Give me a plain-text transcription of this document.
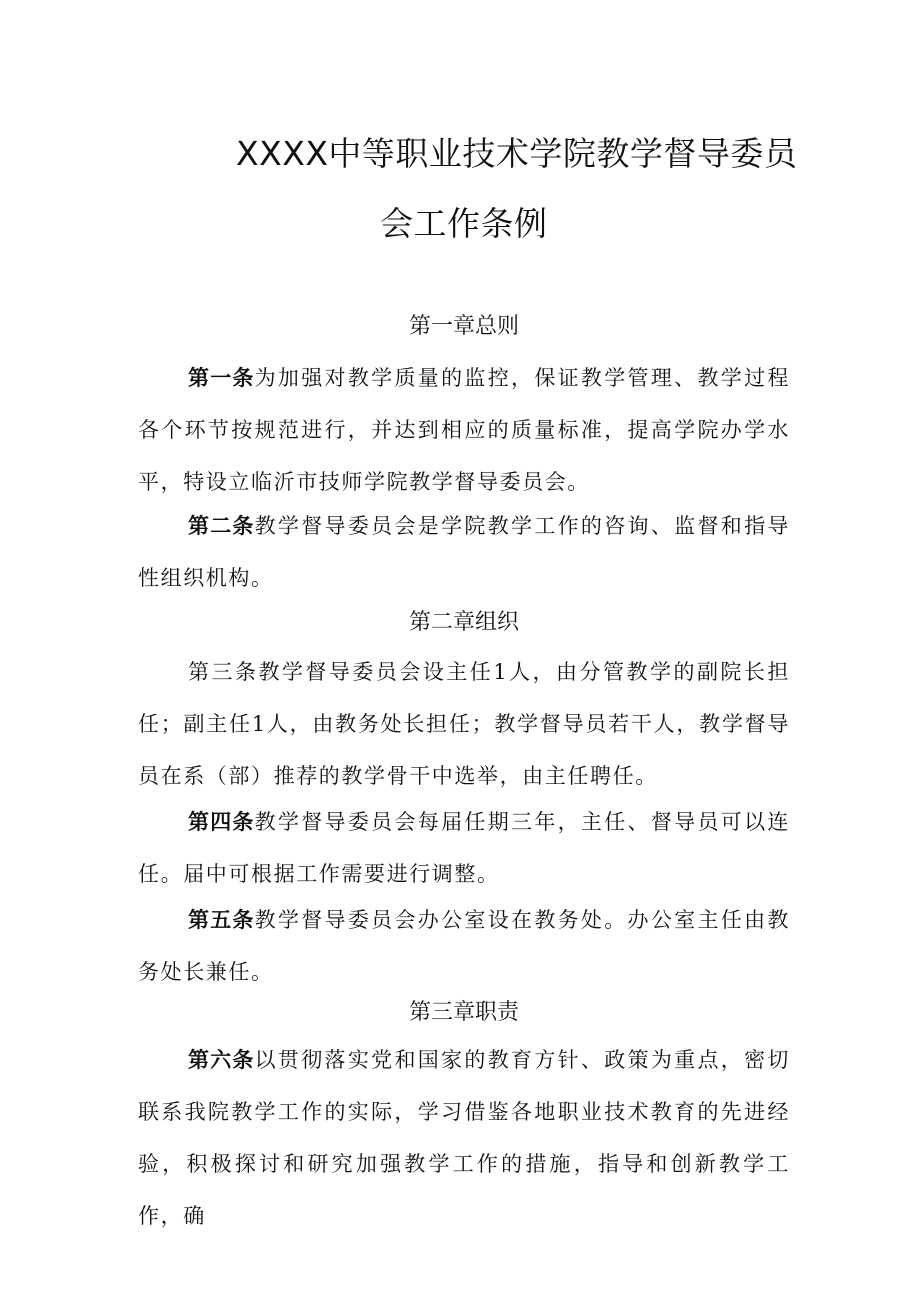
XXXX中等职业技术学院教学督导委员
会工作条例
第一章总则

第一条为加强对教学质量的监控，保证教学管理、教学过程各个环节按规范进行，并达到相应的质量标准，提高学院办学水平，特设立临沂市技师学院教学督导委员会。

第二条教学督导委员会是学院教学工作的咨询、监督和指导性组织机构。

第二章组织

第三条教学督导委员会设主任1人，由分管教学的副院长担任；副主任1人，由教务处长担任；教学督导员若干人，教学督导员在系（部）推荐的教学骨干中选举，由主任聘任。

第四条教学督导委员会每届任期三年，主任、督导员可以连任。届中可根据工作需要进行调整。

第五条教学督导委员会办公室设在教务处。办公室主任由教务处长兼任。

第三章职责

第六条以贯彻落实党和国家的教育方针、政策为重点，密切联系我院教学工作的实际，学习借鉴各地职业技术教育的先进经验，积极探讨和研究加强教学工作的措施，指导和创新教学工作，确
